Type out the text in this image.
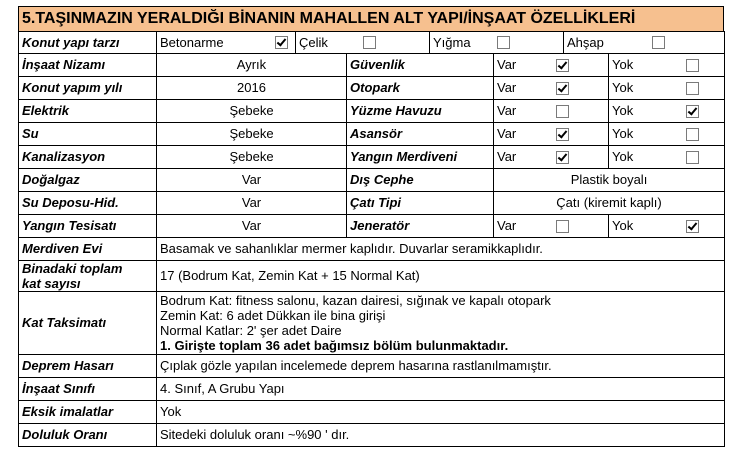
5.TAŞINMAZIN YERALDIĞI BİNANIN MAHALLEN ALT YAPI/İNŞAAT ÖZELLİKLERİ
Konut yapı tarzı	Betonarme Çelik Yığma Ahşap			

İnşaat Nizamı	Ayrık	Güvenlik	Var	Yok

Konut yapım yılı	2016	Otopark	Var	Yok

Elektrik	Şebeke	Yüzme Havuzu	Var	Yok

Su	Şebeke	Asansör	Var	Yok

Kanalizasyon	Şebeke	Yangın Merdiveni	Var	Yok

Doğalgaz	Var	Dış Cephe	Plastik boyalı	
Su Deposu-Hid.	Var	Çatı Tipi	Çatı (kiremit kaplı)	
Yangın Tesisatı	Var	Jeneratör	Var	Yok

Merdiven Evi	Basamak ve sahanlıklar mermer kaplıdır. Duvarlar seramikkaplıdır.			

Binadaki toplam
kat sayısı	17 (Bodrum Kat, Zemin Kat + 15 Normal Kat)			
Kat Taksimatı	Bodrum Kat: fitness salonu, kazan dairesi, sığınak ve kapalı otopark
Zemin Kat: 6 adet Dükkan ile bina girişi
Normal Katlar: 2' şer adet Daire
1. Girişte toplam 36 adet bağımsız bölüm bulunmaktadır.			

Deprem Hasarı	Çıplak gözle yapılan incelemede deprem hasarına rastlanılmamıştır.			
İnşaat Sınıfı	4. Sınıf, A Grubu Yapı			
Eksik imalatlar	Yok			
Doluluk Oranı	Sitedeki doluluk oranı ~%90 ' dır.			
